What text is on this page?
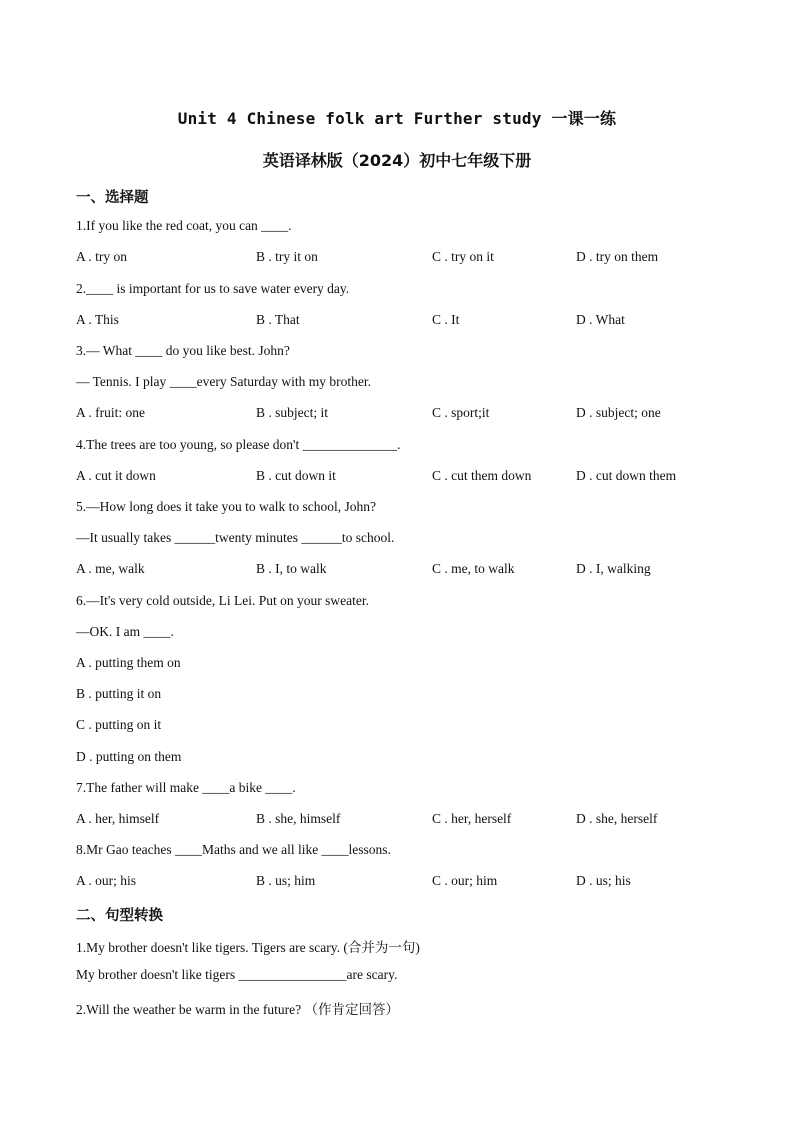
Unit 4 Chinese folk art Further study 一课一练
英语译林版（2024）初中七年级下册
一、选择题
1.If you like the red coat, you can ____.
A . try on	B . try it on	C . try on it	D . try on them
2.____ is important for us to save water every day.
A . This	B . That	C . It	D . What
3.— What ____ do you like best. John?
— Tennis. I play ____every Saturday with my brother.
A . fruit: one	B . subject; it	C . sport;it	D . subject; one
4.The trees are too young, so please don't ______________.
A . cut it down	B . cut down it	C . cut them down	D . cut down them
5.—How long does it take you to walk to school, John?
—It usually takes ______twenty minutes ______to school.
A . me, walk	B . I, to walk	C . me, to walk	D . I, walking
6.—It's very cold outside, Li Lei. Put on your sweater.
—OK. I am ____.
A . putting them on
B . putting it on
C . putting on it
D . putting on them
7.The father will make ____a bike ____.
A . her, himself	B . she, himself	C . her, herself	D . she, herself
8.Mr Gao teaches ____Maths and we all like ____lessons.
A . our; his	B . us; him	C . our; him	D . us; his
二、句型转换
1.My brother doesn't like tigers. Tigers are scary. (合并为一句)
My brother doesn't like tigers ________________are scary.
2.Will the weather be warm in the future? （作肯定回答）
